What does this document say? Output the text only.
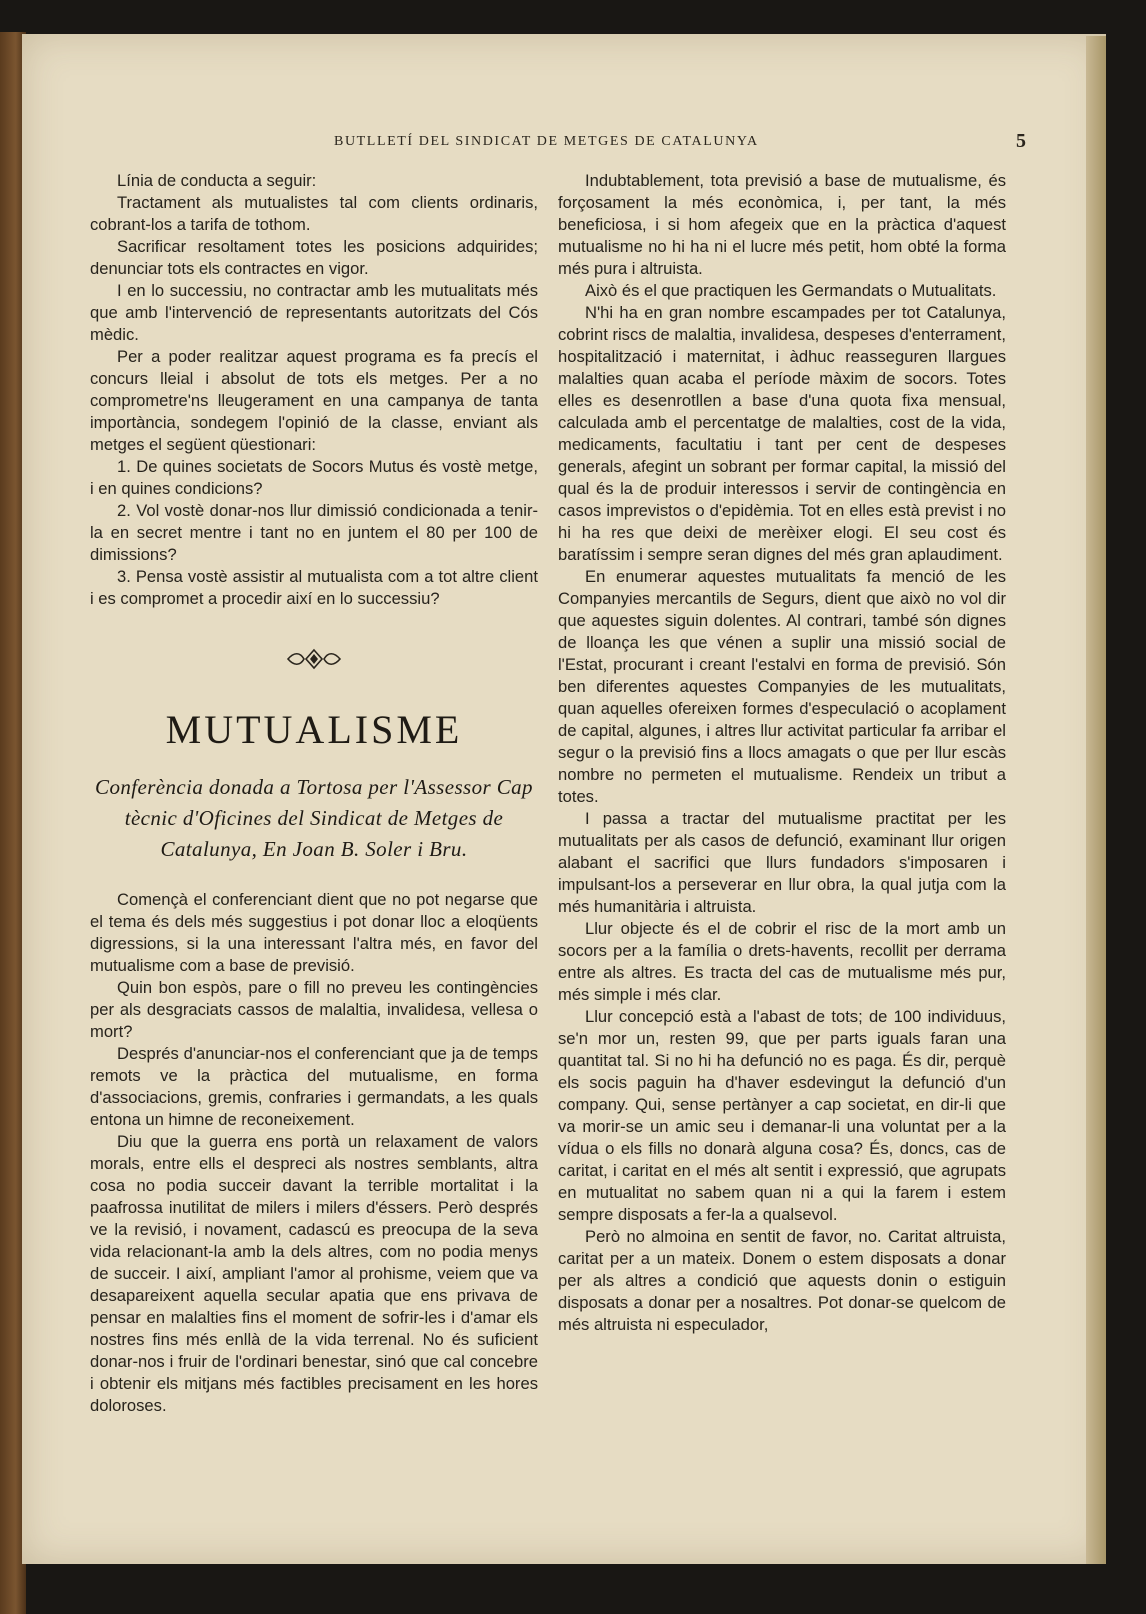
BUTLLETÍ DEL SINDICAT DE METGES DE CATALUNYA	5

Línia de conducta a seguir:

Tractament als mutualistes tal com clients ordinaris, cobrant-los a tarifa de tothom.

Sacrificar resoltament totes les posicions adquirides; denunciar tots els contractes en vigor.

I en lo successiu, no contractar amb les mutualitats més que amb l'intervenció de representants autoritzats del Cós mèdic.

Per a poder realitzar aquest programa es fa precís el concurs lleial i absolut de tots els metges. Per a no comprometre'ns lleugerament en una campanya de tanta importància, sondegem l'opinió de la classe, enviant als metges el següent qüestionari:

1. De quines societats de Socors Mutus és vostè metge, i en quines condicions?

2. Vol vostè donar-nos llur dimissió condicionada a tenir-la en secret mentre i tant no en juntem el 80 per 100 de dimissions?

3. Pensa vostè assistir al mutualista com a tot altre client i es compromet a procedir així en lo successiu?

MUTUALISME
Conferència donada a Tortosa per l'Assessor Cap tècnic d'Oficines del Sindicat de Metges de Catalunya, En Joan B. Soler i Bru.

Començà el conferenciant dient que no pot negarse que el tema és dels més suggestius i pot donar lloc a eloqüents digressions, si la una interessant l'altra més, en favor del mutualisme com a base de previsió.

Quin bon espòs, pare o fill no preveu les contingències per als desgraciats cassos de malaltia, invalidesa, vellesa o mort?

Després d'anunciar-nos el conferenciant que ja de temps remots ve la pràctica del mutualisme, en forma d'associacions, gremis, confraries i germandats, a les quals entona un himne de reconeixement.

Diu que la guerra ens portà un relaxament de valors morals, entre ells el despreci als nostres semblants, altra cosa no podia succeir davant la terrible mortalitat i la paafrossa inutilitat de milers i milers d'éssers. Però després ve la revisió, i novament, cadascú es preocupa de la seva vida relacionant-la amb la dels altres, com no podia menys de succeir. I així, ampliant l'amor al prohisme, veiem que va desapareixent aquella secular apatia que ens privava de pensar en malalties fins el moment de sofrir-les i d'amar els nostres fins més enllà de la vida terrenal. No és suficient donar-nos i fruir de l'ordinari benestar, sinó que cal concebre i obtenir els mitjans més factibles precisament en les hores doloroses.

Indubtablement, tota previsió a base de mutualisme, és forçosament la més econòmica, i, per tant, la més beneficiosa, i si hom afegeix que en la pràctica d'aquest mutualisme no hi ha ni el lucre més petit, hom obté la forma més pura i altruista.

Això és el que practiquen les Germandats o Mutualitats.

N'hi ha en gran nombre escampades per tot Catalunya, cobrint riscs de malaltia, invalidesa, despeses d'enterrament, hospitalització i maternitat, i àdhuc reasseguren llargues malalties quan acaba el període màxim de socors. Totes elles es desenrotllen a base d'una quota fixa mensual, calculada amb el percentatge de malalties, cost de la vida, medicaments, facultatiu i tant per cent de despeses generals, afegint un sobrant per formar capital, la missió del qual és la de produir interessos i servir de contingència en casos imprevistos o d'epidèmia. Tot en elles està previst i no hi ha res que deixi de merèixer elogi. El seu cost és baratíssim i sempre seran dignes del més gran aplaudiment.

En enumerar aquestes mutualitats fa menció de les Companyies mercantils de Segurs, dient que això no vol dir que aquestes siguin dolentes. Al contrari, també són dignes de lloança les que vénen a suplir una missió social de l'Estat, procurant i creant l'estalvi en forma de previsió. Són ben diferentes aquestes Companyies de les mutualitats, quan aquelles ofereixen formes d'especulació o acoplament de capital, algunes, i altres llur activitat particular fa arribar el segur o la previsió fins a llocs amagats o que per llur escàs nombre no permeten el mutualisme. Rendeix un tribut a totes.

I passa a tractar del mutualisme practitat per les mutualitats per als casos de defunció, examinant llur origen alabant el sacrifici que llurs fundadors s'imposaren i impulsant-los a perseverar en llur obra, la qual jutja com la més humanitària i altruista.

Llur objecte és el de cobrir el risc de la mort amb un socors per a la família o drets-havents, recollit per derrama entre als altres. Es tracta del cas de mutualisme més pur, més simple i més clar.

Llur concepció està a l'abast de tots; de 100 individuus, se'n mor un, resten 99, que per parts iguals faran una quantitat tal. Si no hi ha defunció no es paga. És dir, perquè els socis paguin ha d'haver esdevingut la defunció d'un company. Qui, sense pertànyer a cap societat, en dir-li que va morir-se un amic seu i demanar-li una voluntat per a la vídua o els fills no donarà alguna cosa? És, doncs, cas de caritat, i caritat en el més alt sentit i expressió, que agrupats en mutualitat no sabem quan ni a qui la farem i estem sempre disposats a fer-la a qualsevol.

Però no almoina en sentit de favor, no. Caritat altruista, caritat per a un mateix. Donem o estem disposats a donar per als altres a condició que aquests donin o estiguin disposats a donar per a nosaltres. Pot donar-se quelcom de més altruista ni especulador,
